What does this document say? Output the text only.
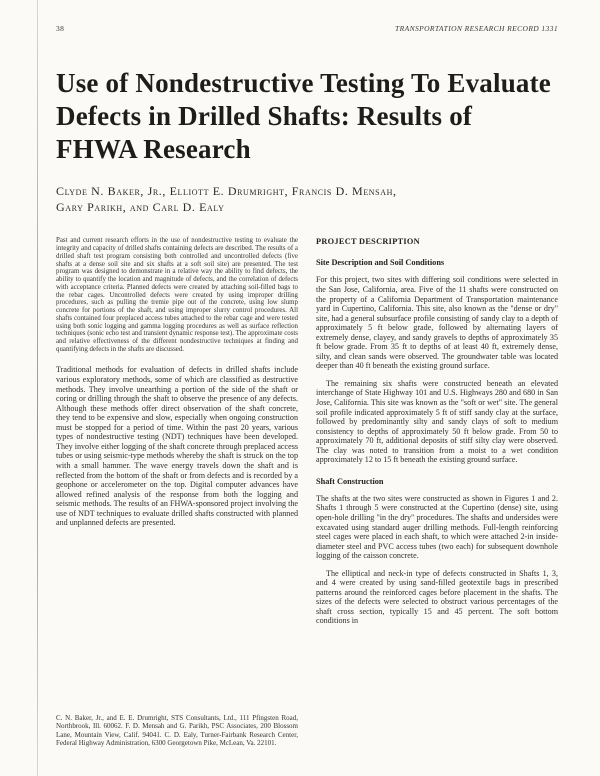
38	TRANSPORTATION RESEARCH RECORD 1331
Use of Nondestructive Testing To Evaluate Defects in Drilled Shafts: Results of FHWA Research
Clyde N. Baker, Jr., Elliott E. Drumright, Francis D. Mensah,
Gary Parikh, and Carl D. Ealy

Past and current research efforts in the use of nondestructive testing to evaluate the integrity and capacity of drilled shafts containing defects are described. The results of a drilled shaft test program consisting both controlled and uncontrolled defects (five shafts at a dense soil site and six shafts at a soft soil site) are presented. The test program was designed to demonstrate in a relative way the ability to find defects, the ability to quantify the location and magnitude of defects, and the correlation of defects with acceptance criteria. Planned defects were created by attaching soil-filled bags to the rebar cages. Uncontrolled defects were created by using improper drilling procedures, such as pulling the tremie pipe out of the concrete, using low slump concrete for portions of the shaft, and using improper slurry control procedures. All shafts contained four preplaced access tubes attached to the rebar cage and were tested using both sonic logging and gamma logging procedures as well as surface reflection techniques (sonic echo test and transient dynamic response test). The approximate costs and relative effectiveness of the different nondestructive techniques at finding and quantifying defects in the shafts are discussed.

Traditional methods for evaluation of defects in drilled shafts include various exploratory methods, some of which are classified as destructive methods. They involve unearthing a portion of the side of the shaft or coring or drilling through the shaft to observe the presence of any defects. Although these methods offer direct observation of the shaft concrete, they tend to be expensive and slow, especially when ongoing construction must be stopped for a period of time. Within the past 20 years, various types of nondestructive testing (NDT) techniques have been developed. They involve either logging of the shaft concrete through preplaced access tubes or using seismic-type methods whereby the shaft is struck on the top with a small hammer. The wave energy travels down the shaft and is reflected from the bottom of the shaft or from defects and is recorded by a geophone or accelerometer on the top. Digital computer advances have allowed refined analysis of the response from both the logging and seismic methods. The results of an FHWA-sponsored project involving the use of NDT techniques to evaluate drilled shafts constructed with planned and unplanned defects are presented.

C. N. Baker, Jr., and E. E. Drumright, STS Consultants, Ltd., 111 Pfingsten Road, Northbrook, Ill. 60062. F. D. Mensah and G. Parikh, PSC Associates, 200 Blossom Lane, Mountain View, Calif. 94041. C. D. Ealy, Turner-Fairbank Research Center, Federal Highway Administration, 6300 Georgetown Pike, McLean, Va. 22101.

PROJECT DESCRIPTION
Site Description and Soil Conditions

For this project, two sites with differing soil conditions were selected in the San Jose, California, area. Five of the 11 shafts were constructed on the property of a California Department of Transportation maintenance yard in Cupertino, California. This site, also known as the "dense or dry" site, had a general subsurface profile consisting of sandy clay to a depth of approximately 5 ft below grade, followed by alternating layers of extremely dense, clayey, and sandy gravels to depths of approximately 35 ft below grade. From 35 ft to depths of at least 40 ft, extremely dense, silty, and clean sands were observed. The groundwater table was located deeper than 40 ft beneath the existing ground surface.

The remaining six shafts were constructed beneath an elevated interchange of State Highway 101 and U.S. Highways 280 and 680 in San Jose, California. This site was known as the "soft or wet" site. The general soil profile indicated approximately 5 ft of stiff sandy clay at the surface, followed by predominantly silty and sandy clays of soft to medium consistency to depths of approximately 50 ft below grade. From 50 to approximately 70 ft, additional deposits of stiff silty clay were observed. The clay was noted to transition from a moist to a wet condition approximately 12 to 15 ft beneath the existing ground surface.

Shaft Construction

The shafts at the two sites were constructed as shown in Figures 1 and 2. Shafts 1 through 5 were constructed at the Cupertino (dense) site, using open-hole drilling "in the dry" procedures. The shafts and undersides were excavated using standard auger drilling methods. Full-length reinforcing steel cages were placed in each shaft, to which were attached 2-in inside-diameter steel and PVC access tubes (two each) for subsequent downhole logging of the caisson concrete.

The elliptical and neck-in type of defects constructed in Shafts 1, 3, and 4 were created by using sand-filled geotextile bags in prescribed patterns around the reinforced cages before placement in the shafts. The sizes of the defects were selected to obstruct various percentages of the shaft cross section, typically 15 and 45 percent. The soft bottom conditions in
